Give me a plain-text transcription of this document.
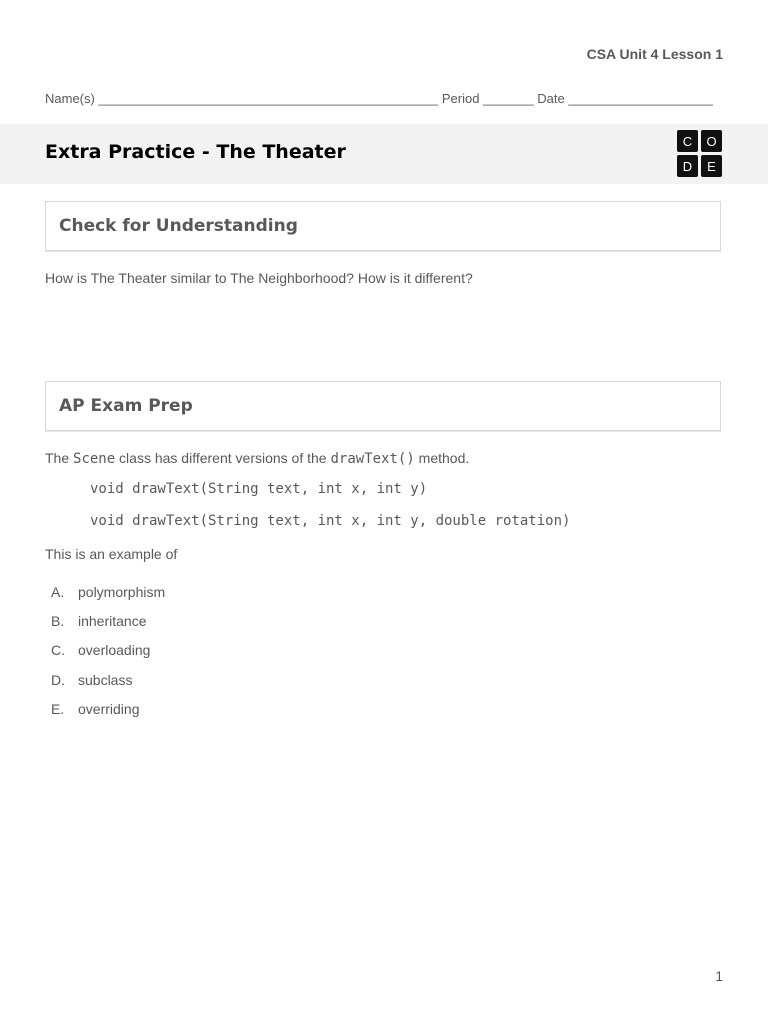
CSA Unit 4 Lesson 1
Name(s) _______________________________________________ Period _______ Date ____________________
Extra Practice - The Theater	C	O
D	E
Check for Understanding
How is The Theater similar to The Neighborhood? How is it different?
AP Exam Prep
The Scene class has different versions of the drawText() method.
void drawText(String text, int x, int y)
void drawText(String text, int x, int y, double rotation)
This is an example of
A. polymorphism
B. inheritance
C. overloading
D. subclass
E. overriding
1
